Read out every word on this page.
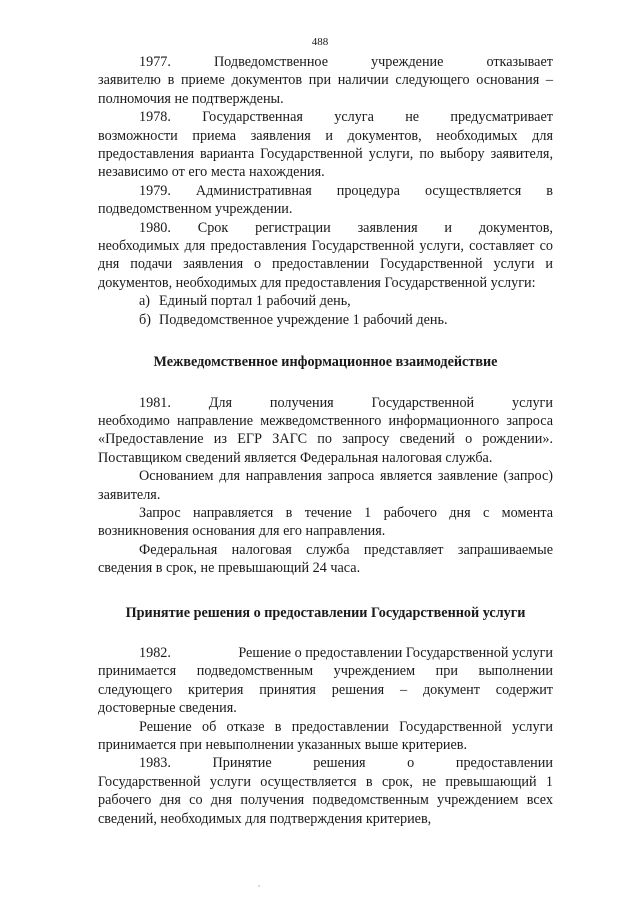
488
1977.	Подведомственное	учреждение	отказывает

заявителю в приеме документов при наличии следующего основания – полномочия не подтверждены.

1978. Государственная услуга не предусматривает

возможности приема заявления и документов, необходимых для предоставления варианта Государственной услуги, по выбору заявителя, независимо от его места нахождения.

1979. Административная процедура осуществляется в

подведомственном учреждении.

1980. Срок регистрации заявления и документов,

необходимых для предоставления Государственной услуги, составляет со дня подачи заявления о предоставлении Государственной услуги и документов, необходимых для предоставления Государственной услуги:

а) Единый портал 1 рабочий день,
б) Подведомственное учреждение 1 рабочий день.
Межведомственное информационное взаимодействие
1981.	Для	получения	Государственной	услуги

необходимо направление межведомственного информационного запроса «Предоставление из ЕГР ЗАГС по запросу сведений о рождении». Поставщиком сведений является Федеральная налоговая служба.

Основанием для направления запроса является заявление (запрос) заявителя.

Запрос направляется в течение 1 рабочего дня с момента возникновения основания для его направления.

Федеральная налоговая служба представляет запрашиваемые сведения в срок, не превышающий 24 часа.

Принятие решения о предоставлении Государственной услуги
1982.	Решение о предоставлении Государственной услуги

принимается подведомственным учреждением при выполнении следующего критерия принятия решения – документ содержит достоверные сведения.

Решение об отказе в предоставлении Государственной услуги принимается при невыполнении указанных выше критериев.

1983.	Принятие	решения	о	предоставлении

Государственной услуги осуществляется в срок, не превышающий 1 рабочего дня со дня получения подведомственным учреждением всех сведений, необходимых для подтверждения критериев,
